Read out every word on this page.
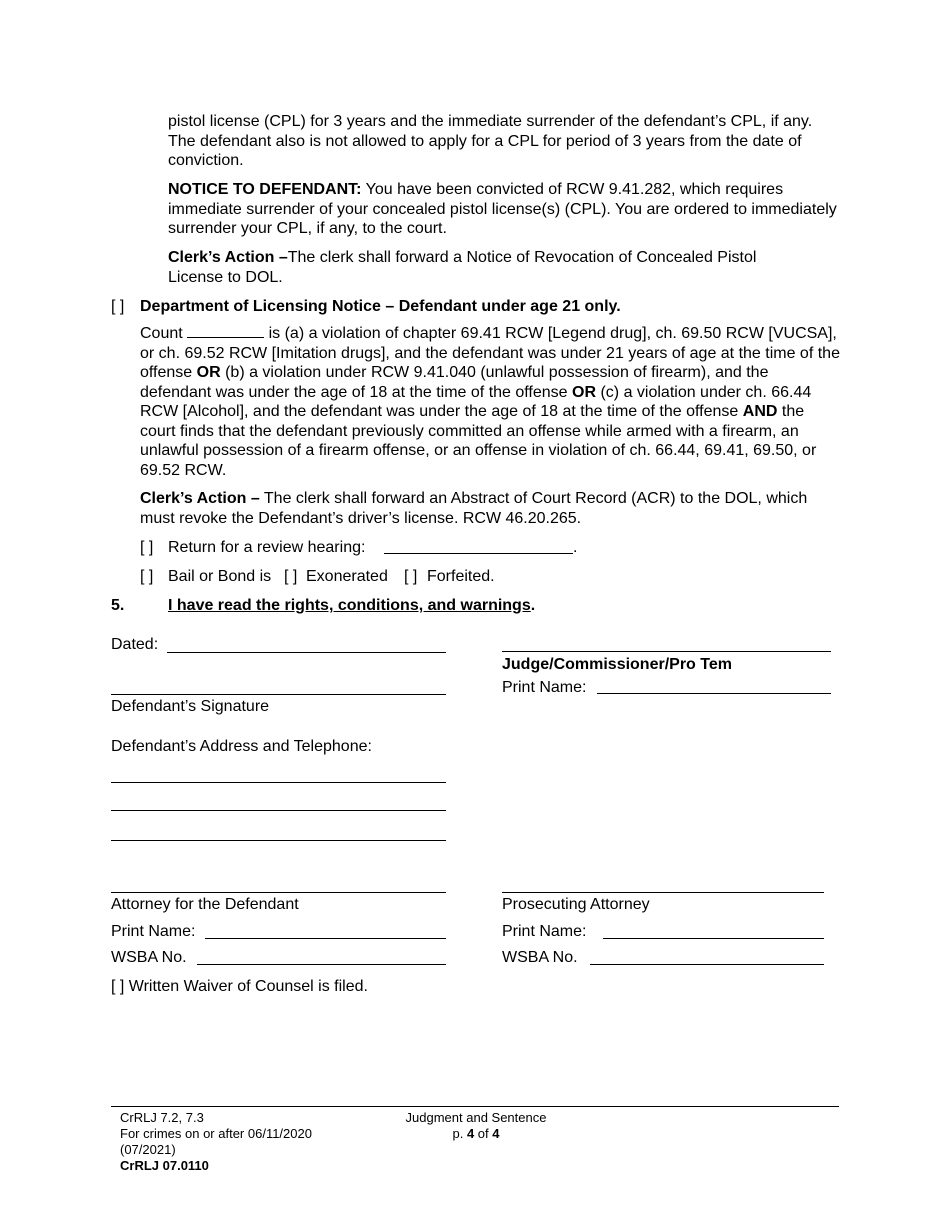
pistol license (CPL) for 3 years and the immediate surrender of the defendant’s CPL, if any. The defendant also is not allowed to apply for a CPL for period of 3 years from the date of conviction.
NOTICE TO DEFENDANT: You have been convicted of RCW 9.41.282, which requires immediate surrender of your concealed pistol license(s) (CPL). You are ordered to immediately surrender your CPL, if any, to the court.
Clerk’s Action –The clerk shall forward a Notice of Revocation of Concealed Pistol License to DOL.
[ ] Department of Licensing Notice – Defendant under age 21 only.
Count	is (a) a violation of chapter 69.41 RCW [Legend drug], ch. 69.50 RCW [VUCSA], or ch. 69.52 RCW [Imitation drugs], and the defendant was under 21 years of age at the time of the offense OR (b) a violation under RCW 9.41.040 (unlawful possession of firearm), and the defendant was under the age of 18 at the time of the offense OR (c) a violation under ch. 66.44 RCW [Alcohol], and the defendant was under the age of 18 at the time of the offense AND the court finds that the defendant previously committed an offense while armed with a firearm, an unlawful possession of a firearm offense, or an offense in violation of ch. 66.44, 69.41, 69.50, or 69.52 RCW.
Clerk’s Action – The clerk shall forward an Abstract of Court Record (ACR) to the DOL, which must revoke the Defendant’s driver’s license. RCW 46.20.265.
[ ] Return for a review hearing:	.
[ ] Bail or Bond is [ ] Exonerated [ ] Forfeited.
5.	I have read the rights, conditions, and warnings.
Dated:
Judge/Commissioner/Pro Tem
Print Name:
Defendant’s Signature
Defendant’s Address and Telephone:
Attorney for the Defendant
Print Name:
WSBA No.
Prosecuting Attorney
Print Name:
WSBA No.
[ ] Written Waiver of Counsel is filed.
CrRLJ 7.2, 7.3
For crimes on or after 06/11/2020
(07/2021)
CrRLJ 07.0110
Judgment and Sentence
p. 4 of 4
